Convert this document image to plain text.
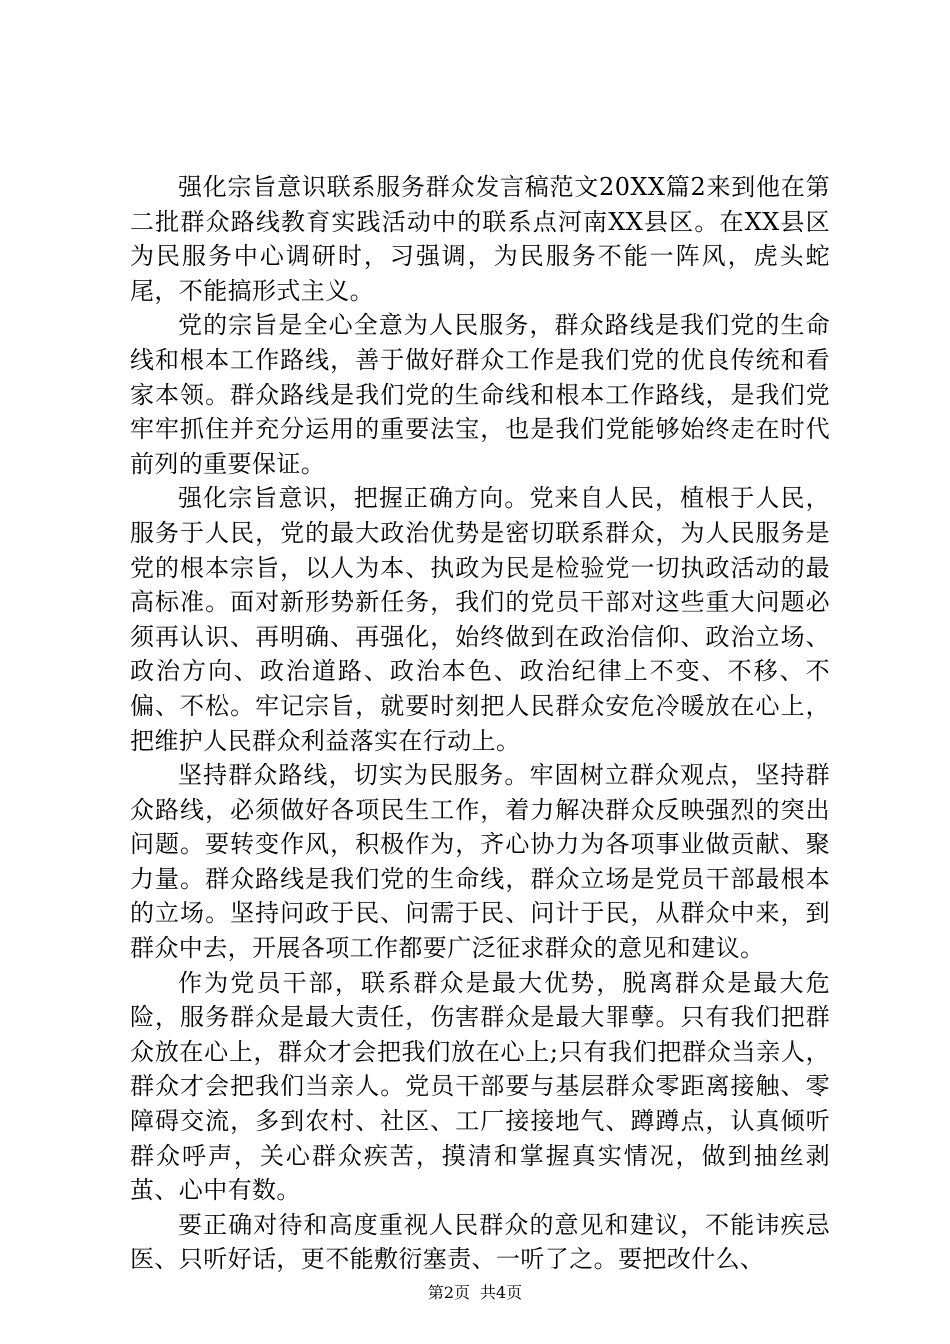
强化宗旨意识联系服务群众发言稿范文20XX篇2来到他在第二批群众路线教育实践活动中的联系点河南XX县区。在XX县区为民服务中心调研时，习强调，为民服务不能一阵风，虎头蛇尾，不能搞形式主义。

党的宗旨是全心全意为人民服务，群众路线是我们党的生命线和根本工作路线，善于做好群众工作是我们党的优良传统和看家本领。群众路线是我们党的生命线和根本工作路线，是我们党牢牢抓住并充分运用的重要法宝，也是我们党能够始终走在时代前列的重要保证。

强化宗旨意识，把握正确方向。党来自人民，植根于人民，服务于人民，党的最大政治优势是密切联系群众，为人民服务是党的根本宗旨，以人为本、执政为民是检验党一切执政活动的最高标准。面对新形势新任务，我们的党员干部对这些重大问题必须再认识、再明确、再强化，始终做到在政治信仰、政治立场、政治方向、政治道路、政治本色、政治纪律上不变、不移、不偏、不松。牢记宗旨，就要时刻把人民群众安危冷暖放在心上，把维护人民群众利益落实在行动上。

坚持群众路线，切实为民服务。牢固树立群众观点，坚持群众路线，必须做好各项民生工作，着力解决群众反映强烈的突出问题。要转变作风，积极作为，齐心协力为各项事业做贡献、聚力量。群众路线是我们党的生命线，群众立场是党员干部最根本的立场。坚持问政于民、问需于民、问计于民，从群众中来，到群众中去，开展各项工作都要广泛征求群众的意见和建议。

作为党员干部，联系群众是最大优势，脱离群众是最大危险，服务群众是最大责任，伤害群众是最大罪孽。只有我们把群众放在心上，群众才会把我们放在心上;只有我们把群众当亲人，群众才会把我们当亲人。党员干部要与基层群众零距离接触、零障碍交流，多到农村、社区、工厂接接地气、蹲蹲点，认真倾听群众呼声，关心群众疾苦，摸清和掌握真实情况，做到抽丝剥茧、心中有数。

要正确对待和高度重视人民群众的意见和建议，不能讳疾忌医、只听好话，更不能敷衍塞责、一听了之。要把改什么、

第2页 共4页
